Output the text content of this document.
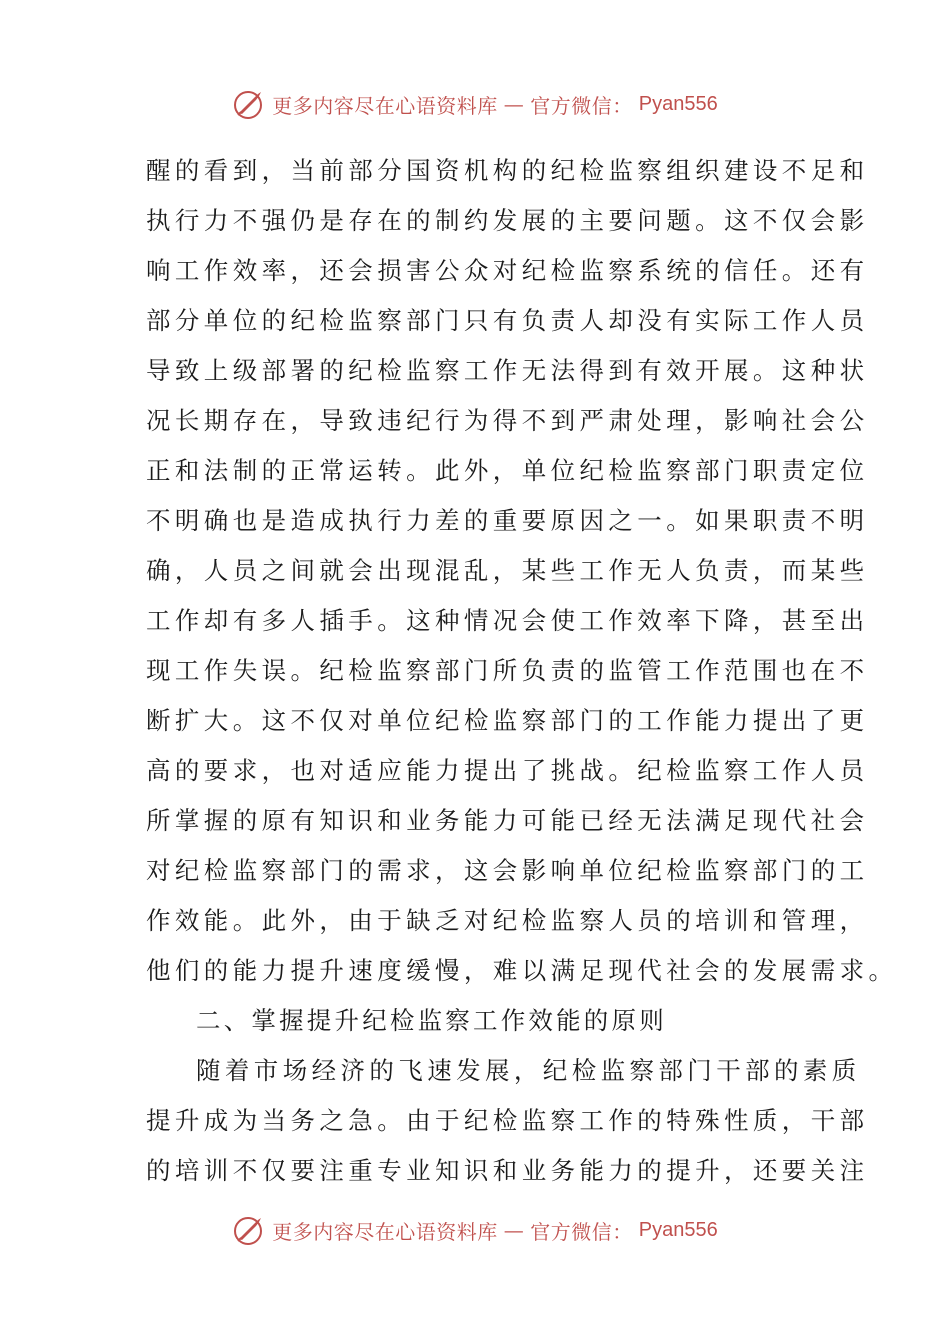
更多内容尽在心语资料库 — 官方微信： Pyan556
醒的看到，当前部分国资机构的纪检监察组织建设不足和
执行力不强仍是存在的制约发展的主要问题。这不仅会影
响工作效率，还会损害公众对纪检监察系统的信任。还有
部分单位的纪检监察部门只有负责人却没有实际工作人员
导致上级部署的纪检监察工作无法得到有效开展。这种状
况长期存在，导致违纪行为得不到严肃处理，影响社会公
正和法制的正常运转。此外，单位纪检监察部门职责定位
不明确也是造成执行力差的重要原因之一。如果职责不明
确，人员之间就会出现混乱，某些工作无人负责，而某些
工作却有多人插手。这种情况会使工作效率下降，甚至出
现工作失误。纪检监察部门所负责的监管工作范围也在不
断扩大。这不仅对单位纪检监察部门的工作能力提出了更
高的要求，也对适应能力提出了挑战。纪检监察工作人员
所掌握的原有知识和业务能力可能已经无法满足现代社会
对纪检监察部门的需求，这会影响单位纪检监察部门的工
作效能。此外，由于缺乏对纪检监察人员的培训和管理，
他们的能力提升速度缓慢，难以满足现代社会的发展需求。
二、掌握提升纪检监察工作效能的原则
随着市场经济的飞速发展，纪检监察部门干部的素质
提升成为当务之急。由于纪检监察工作的特殊性质，干部
的培训不仅要注重专业知识和业务能力的提升，还要关注
更多内容尽在心语资料库 — 官方微信： Pyan556
